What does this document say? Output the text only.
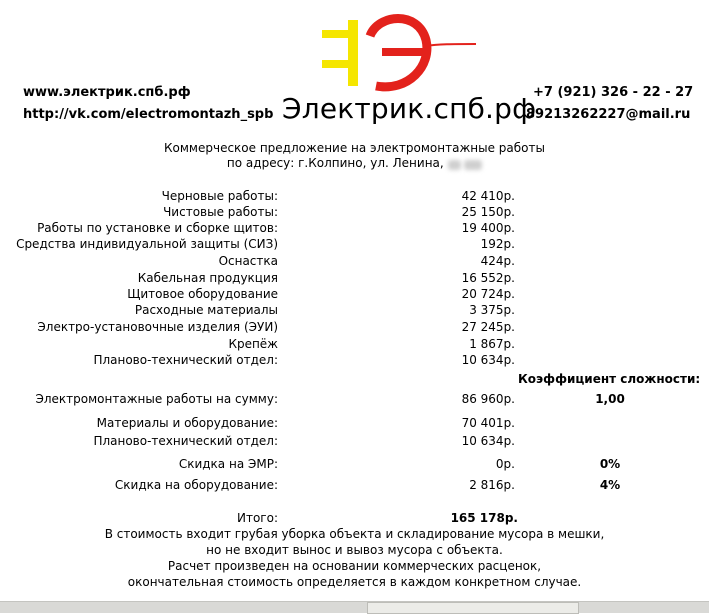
Электрик.спб.рф
www.электрик.спб.рф
http://vk.com/electromontazh_spb
+7 (921) 326 - 22 - 27
89213262227@mail.ru
Коммерческое предложение на электромонтажные работы
по адресу: г.Колпино, ул. Ленина,
Черновые работы:	42 410р.
Чистовые работы:	25 150р.
Работы по установке и сборке щитов:	19 400р.
Средства индивидуальной защиты (СИЗ)	192р.
Оснастка	424р.
Кабельная продукция	16 552р.
Щитовое оборудование	20 724р.
Расходные материалы	3 375р.
Электро-установочные изделия (ЭУИ)	27 245р.
Крепёж	1 867р.
Планово-технический отдел:	10 634р.
Коэффициент сложности:
Электромонтажные работы на сумму:	86 960р.	1,00
Материалы и оборудование:	70 401р.
Планово-технический отдел:	10 634р.
Скидка на ЭМР:	0р.	0%
Скидка на оборудование:	2 816р.	4%
Итого:	165 178р.
В стоимость входит грубая уборка объекта и складирование мусора в мешки,
но не входит вынос и вывоз мусора с объекта.
Расчет произведен на основании коммерческих расценок,
окончательная стоимость определяется в каждом конкретном случае.
